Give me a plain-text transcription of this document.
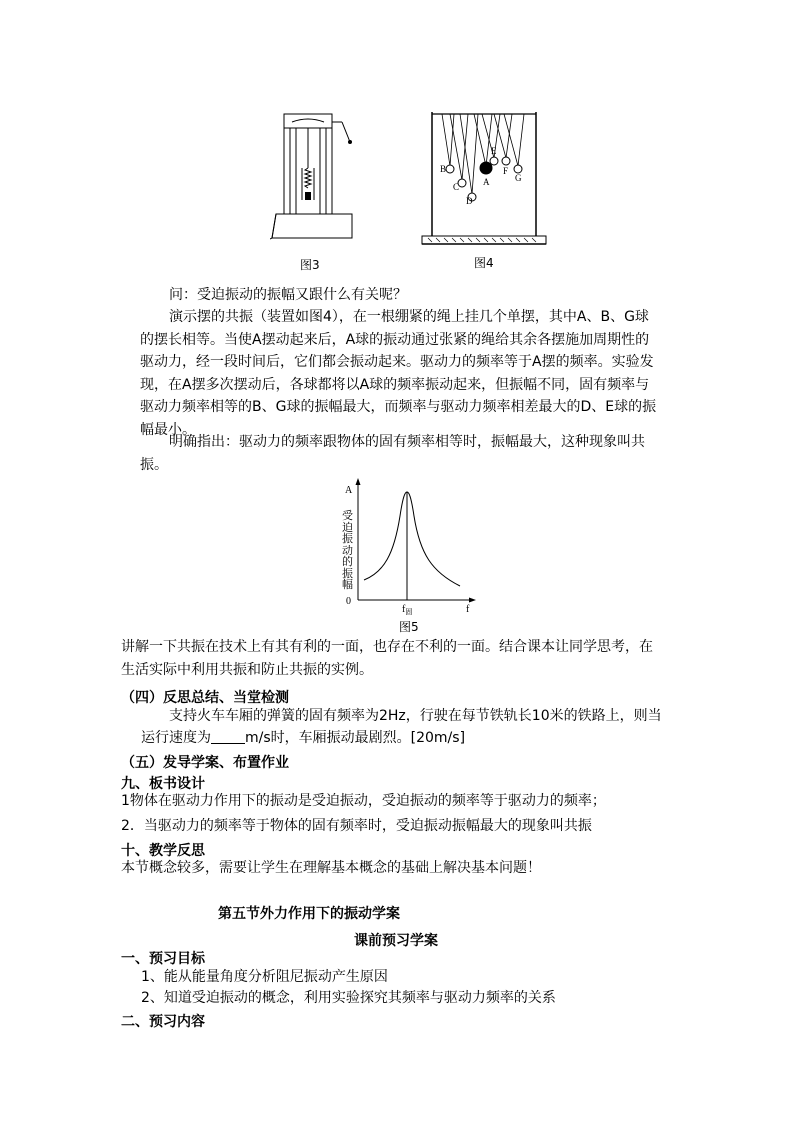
图3
B
C
D
A
E
F
G
图4
问：受迫振动的振幅又跟什么有关呢？
演示摆的共振（装置如图4），在一根绷紧的绳上挂几个单摆，其中A、B、G球
的摆长相等。当使A摆动起来后，A球的振动通过张紧的绳给其余各摆施加周期性的
驱动力，经一段时间后，它们都会振动起来。驱动力的频率等于A摆的频率。实验发
现，在A摆多次摆动后，各球都将以A球的频率振动起来，但振幅不同，固有频率与
驱动力频率相等的B、G球的振幅最大，而频率与驱动力频率相差最大的D、E球的振
幅最小。
明确指出：驱动力的频率跟物体的固有频率相等时，振幅最大，这种现象叫共
振。
A
0
f
$f_固$
受迫振动的振幅
图5
讲解一下共振在技术上有其有利的一面，也存在不利的一面。结合课本让同学思考，在
生活实际中利用共振和防止共振的实例。
（四）反思总结、当堂检测
支持火车车厢的弹簧的固有频率为2Hz，行驶在每节铁轨长10米的铁路上，则当
运行速度为 m/s时，车厢振动最剧烈。[20m/s]
（五）发导学案、布置作业
九、板书设计
1物体在驱动力作用下的振动是受迫振动，受迫振动的频率等于驱动力的频率；
2．当驱动力的频率等于物体的固有频率时，受迫振动振幅最大的现象叫共振
十、教学反思
本节概念较多，需要让学生在理解基本概念的基础上解决基本问题！
第五节外力作用下的振动学案
课前预习学案
一、预习目标
1、能从能量角度分析阻尼振动产生原因
2、知道受迫振动的概念，利用实验探究其频率与驱动力频率的关系
二、预习内容
